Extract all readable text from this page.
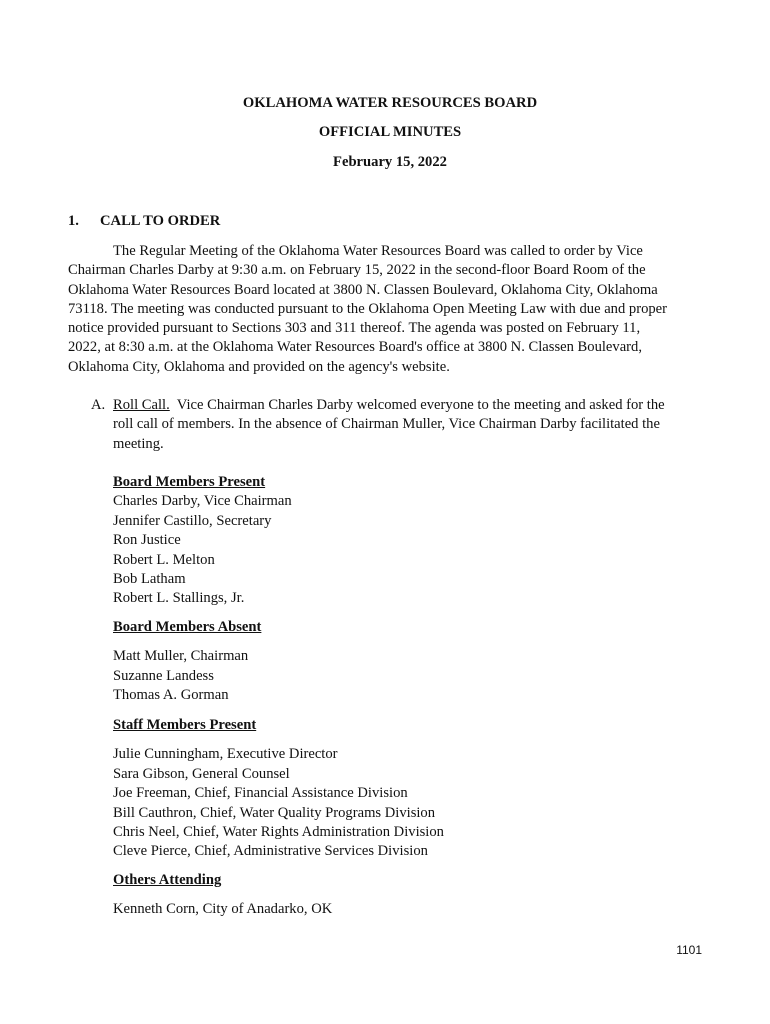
OKLAHOMA WATER RESOURCES BOARD
OFFICIAL MINUTES
February 15, 2022
1. CALL TO ORDER
The Regular Meeting of the Oklahoma Water Resources Board was called to order by Vice
Chairman Charles Darby at 9:30 a.m. on February 15, 2022 in the second-floor Board Room of the
Oklahoma Water Resources Board located at 3800 N. Classen Boulevard, Oklahoma City, Oklahoma
73118. The meeting was conducted pursuant to the Oklahoma Open Meeting Law with due and proper
notice provided pursuant to Sections 303 and 311 thereof. The agenda was posted on February 11,
2022, at 8:30 a.m. at the Oklahoma Water Resources Board's office at 3800 N. Classen Boulevard,
Oklahoma City, Oklahoma and provided on the agency's website.
A. Roll Call.  Vice Chairman Charles Darby welcomed everyone to the meeting and asked for the
roll call of members. In the absence of Chairman Muller, Vice Chairman Darby facilitated the
meeting.
Board Members Present
Charles Darby, Vice Chairman
Jennifer Castillo, Secretary
Ron Justice
Robert L. Melton
Bob Latham
Robert L. Stallings, Jr.
Board Members Absent
Matt Muller, Chairman
Suzanne Landess
Thomas A. Gorman
Staff Members Present
Julie Cunningham, Executive Director
Sara Gibson, General Counsel
Joe Freeman, Chief, Financial Assistance Division
Bill Cauthron, Chief, Water Quality Programs Division
Chris Neel, Chief, Water Rights Administration Division
Cleve Pierce, Chief, Administrative Services Division
Others Attending
Kenneth Corn, City of Anadarko, OK
1101
